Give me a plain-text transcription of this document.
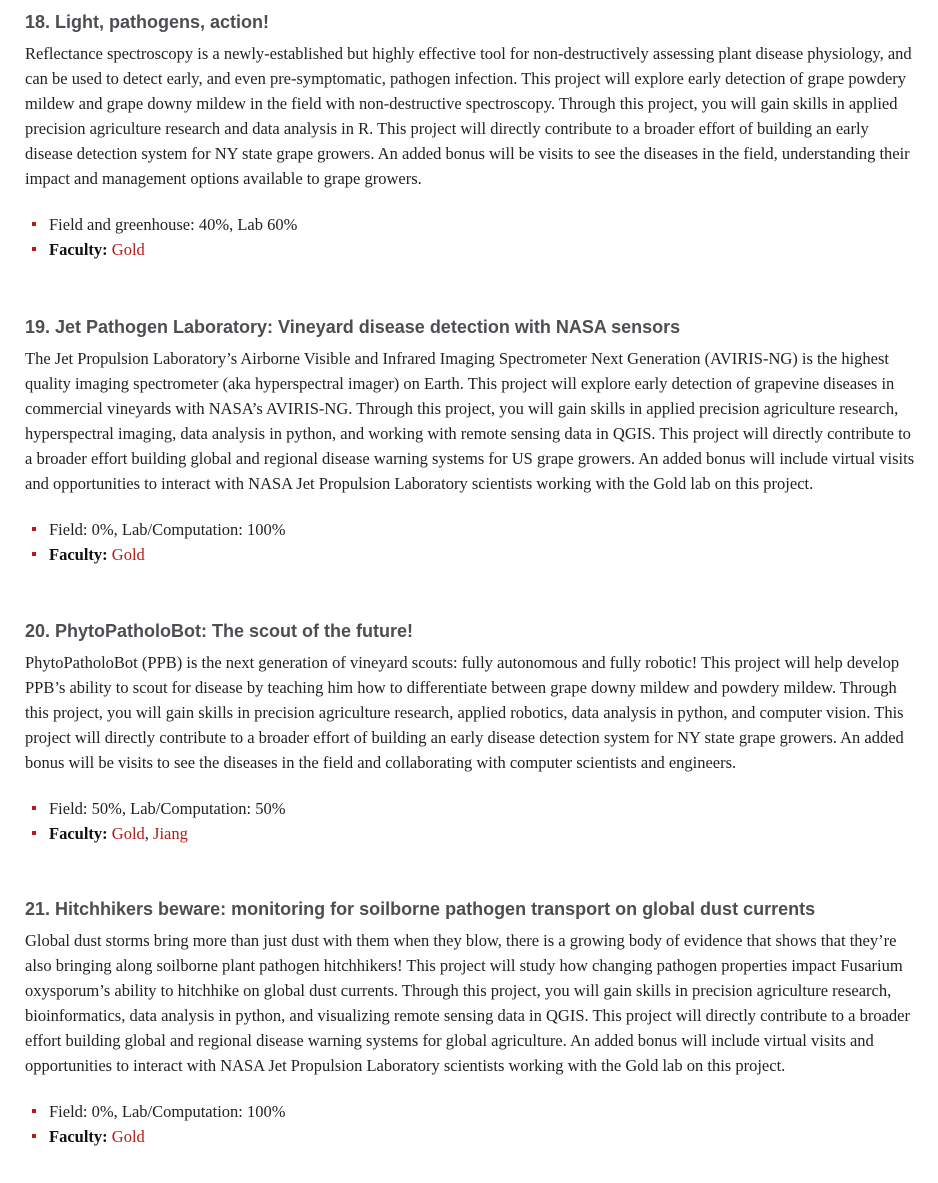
18. Light, pathogens, action!

Reflectance spectroscopy is a newly-established but highly effective tool for non-destructively assessing plant disease physiology, and can be used to detect early, and even pre-symptomatic, pathogen infection. This project will explore early detection of grape powdery mildew and grape downy mildew in the field with non-destructive spectroscopy. Through this project, you will gain skills in applied precision agriculture research and data analysis in R. This project will directly contribute to a broader effort of building an early disease detection system for NY state grape growers. An added bonus will be visits to see the diseases in the field, understanding their impact and management options available to grape growers.

Field and greenhouse: 40%, Lab 60%
Faculty: Gold
19. Jet Pathogen Laboratory: Vineyard disease detection with NASA sensors

The Jet Propulsion Laboratory’s Airborne Visible and Infrared Imaging Spectrometer Next Generation (AVIRIS-NG) is the highest quality imaging spectrometer (aka hyperspectral imager) on Earth. This project will explore early detection of grapevine diseases in commercial vineyards with NASA’s AVIRIS-NG. Through this project, you will gain skills in applied precision agriculture research, hyperspectral imaging, data analysis in python, and working with remote sensing data in QGIS. This project will directly contribute to a broader effort building global and regional disease warning systems for US grape growers. An added bonus will include virtual visits and opportunities to interact with NASA Jet Propulsion Laboratory scientists working with the Gold lab on this project.

Field: 0%, Lab/Computation: 100%
Faculty: Gold
20. PhytoPatholoBot: The scout of the future!

PhytoPatholoBot (PPB) is the next generation of vineyard scouts: fully autonomous and fully robotic! This project will help develop PPB’s ability to scout for disease by teaching him how to differentiate between grape downy mildew and powdery mildew. Through this project, you will gain skills in precision agriculture research, applied robotics, data analysis in python, and computer vision. This project will directly contribute to a broader effort of building an early disease detection system for NY state grape growers. An added bonus will be visits to see the diseases in the field and collaborating with computer scientists and engineers.

Field: 50%, Lab/Computation: 50%
Faculty: Gold, Jiang
21. Hitchhikers beware: monitoring for soilborne pathogen transport on global dust currents

Global dust storms bring more than just dust with them when they blow, there is a growing body of evidence that shows that they’re also bringing along soilborne plant pathogen hitchhikers! This project will study how changing pathogen properties impact Fusarium oxysporum’s ability to hitchhike on global dust currents. Through this project, you will gain skills in precision agriculture research, bioinformatics, data analysis in python, and visualizing remote sensing data in QGIS. This project will directly contribute to a broader effort building global and regional disease warning systems for global agriculture. An added bonus will include virtual visits and opportunities to interact with NASA Jet Propulsion Laboratory scientists working with the Gold lab on this project.

Field: 0%, Lab/Computation: 100%
Faculty: Gold
